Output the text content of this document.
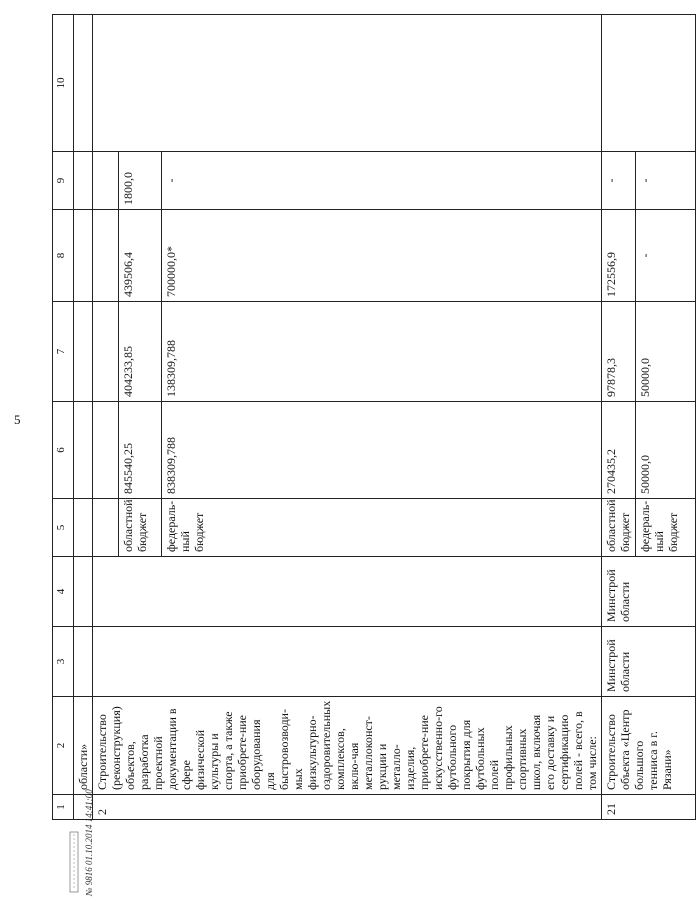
5
№ 9816 01.10.2014 14:41:00
1	2	3	4	5	6	7	8	9	10
	области»								
2	Строительство (реконструкция) объектов, разработка проектной документации в сфере физической культуры и спорта, а также приобрете-ние оборудования для быстровозводи-мых физкультурно-оздоровительных комплексов, вклю-чая металлоконст-рукции и металло-изделия, приобрете-ние искусственно-го футбольного покрытия для футбольных полей профильных спортивных школ, включая его доставку и сертификацию полей - всего, в том числе:								
				областной бюджет	845540,25	404233,85	439506,4	1800,0	
				федераль-ный бюджет	838309,788	138309,788	700000,0*	-	
21	Строительство объекта «Центр большого тенниса в г. Рязани»	Минстрой области	Минстрой области	областной бюджет	270435,2	97878,3	172556,9	-	
				федераль-ный бюджет	50000,0	50000,0	-	-	
